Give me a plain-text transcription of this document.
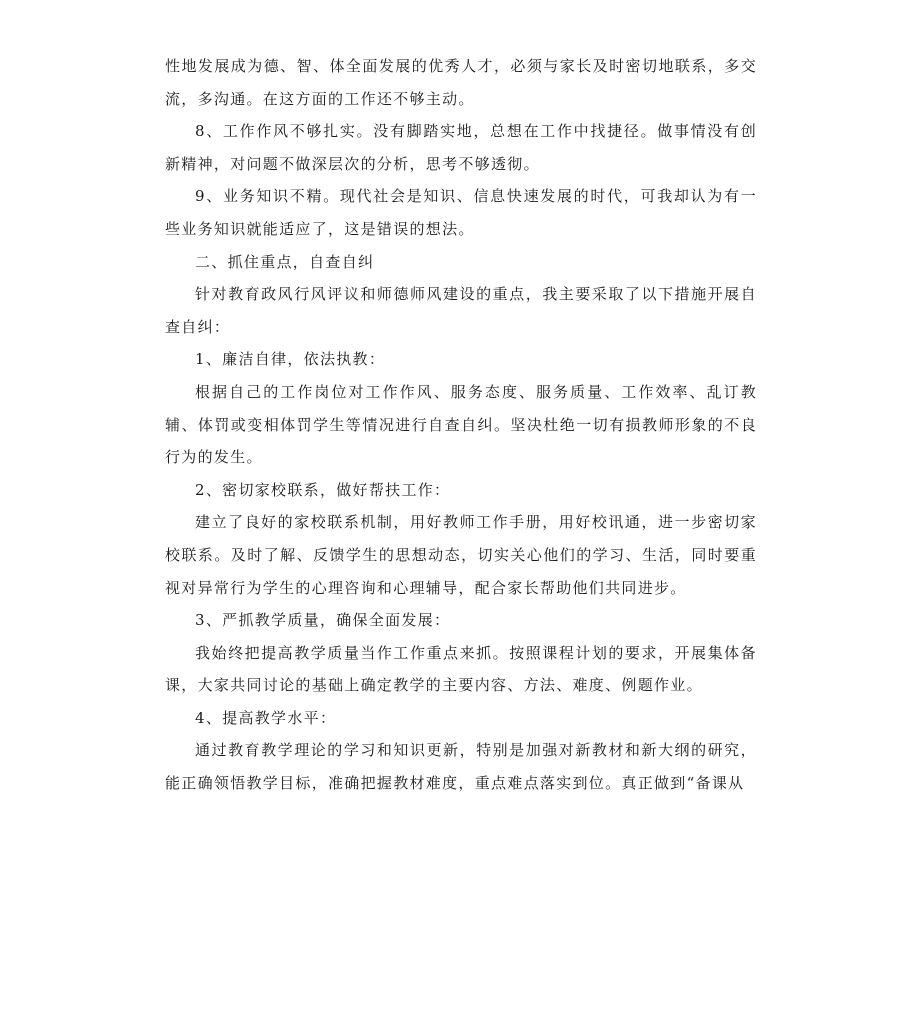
性地发展成为德、智、体全面发展的优秀人才，必须与家长及时密切地联系，多交流，多沟通。在这方面的工作还不够主动。

8、工作作风不够扎实。没有脚踏实地，总想在工作中找捷径。做事情没有创新精神，对问题不做深层次的分析，思考不够透彻。

9、业务知识不精。现代社会是知识、信息快速发展的时代，可我却认为有一些业务知识就能适应了，这是错误的想法。

二、抓住重点，自查自纠

针对教育政风行风评议和师德师风建设的重点，我主要采取了以下措施开展自查自纠：

1、廉洁自律，依法执教：

根据自己的工作岗位对工作作风、服务态度、服务质量、工作效率、乱订教辅、体罚或变相体罚学生等情况进行自查自纠。坚决杜绝一切有损教师形象的不良行为的发生。

2、密切家校联系，做好帮扶工作：

建立了良好的家校联系机制，用好教师工作手册，用好校讯通，进一步密切家校联系。及时了解、反馈学生的思想动态，切实关心他们的学习、生活，同时要重视对异常行为学生的心理咨询和心理辅导，配合家长帮助他们共同进步。

3、严抓教学质量，确保全面发展：

我始终把提高教学质量当作工作重点来抓。按照课程计划的要求，开展集体备课，大家共同讨论的基础上确定教学的主要内容、方法、难度、例题作业。

4、提高教学水平：

通过教育教学理论的学习和知识更新，特别是加强对新教材和新大纲的研究，能正确领悟教学目标，准确把握教材难度，重点难点落实到位。真正做到“备课从
